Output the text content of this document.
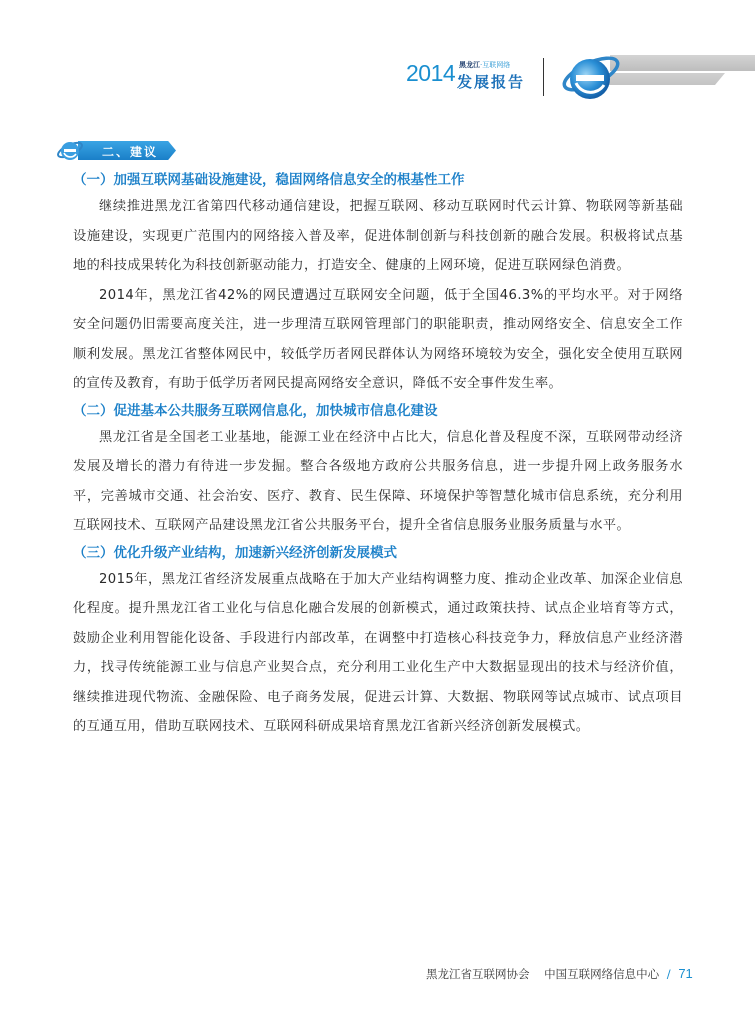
2014 黑龙江·互联网络
发展报告
二、建议
（一）加强互联网基础设施建设，稳固网络信息安全的根基性工作

继续推进黑龙江省第四代移动通信建设，把握互联网、移动互联网时代云计算、物联网等新基础设施建设，实现更广范围内的网络接入普及率，促进体制创新与科技创新的融合发展。积极将试点基地的科技成果转化为科技创新驱动能力，打造安全、健康的上网环境，促进互联网绿色消费。

2014年，黑龙江省42%的网民遭遇过互联网安全问题，低于全国46.3%的平均水平。对于网络安全问题仍旧需要高度关注，进一步理清互联网管理部门的职能职责，推动网络安全、信息安全工作顺利发展。黑龙江省整体网民中，较低学历者网民群体认为网络环境较为安全，强化安全使用互联网的宣传及教育，有助于低学历者网民提高网络安全意识，降低不安全事件发生率。

（二）促进基本公共服务互联网信息化，加快城市信息化建设

黑龙江省是全国老工业基地，能源工业在经济中占比大，信息化普及程度不深，互联网带动经济发展及增长的潜力有待进一步发掘。整合各级地方政府公共服务信息，进一步提升网上政务服务水平，完善城市交通、社会治安、医疗、教育、民生保障、环境保护等智慧化城市信息系统，充分利用互联网技术、互联网产品建设黑龙江省公共服务平台，提升全省信息服务业服务质量与水平。

（三）优化升级产业结构，加速新兴经济创新发展模式

2015年，黑龙江省经济发展重点战略在于加大产业结构调整力度、推动企业改革、加深企业信息化程度。提升黑龙江省工业化与信息化融合发展的创新模式，通过政策扶持、试点企业培育等方式，鼓励企业利用智能化设备、手段进行内部改革，在调整中打造核心科技竞争力，释放信息产业经济潜力，找寻传统能源工业与信息产业契合点，充分利用工业化生产中大数据显现出的技术与经济价值，继续推进现代物流、金融保险、电子商务发展，促进云计算、大数据、物联网等试点城市、试点项目的互通互用，借助互联网技术、互联网科研成果培育黑龙江省新兴经济创新发展模式。

黑龙江省互联网协会 中国互联网络信息中心 / 71
